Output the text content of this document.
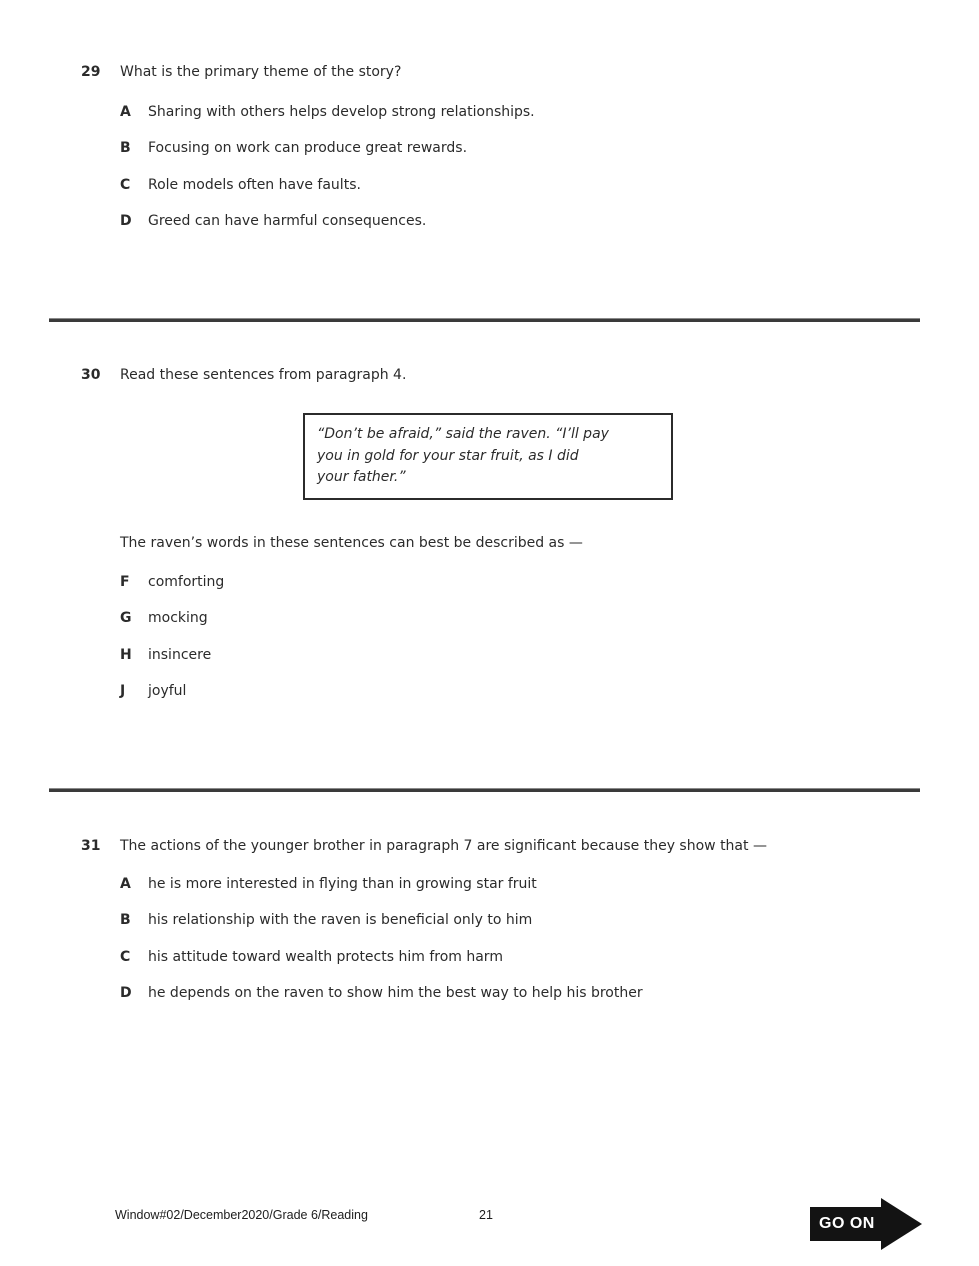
29	What is the primary theme of the story?
A	Sharing with others helps develop strong relationships.
B	Focusing on work can produce great rewards.
C	Role models often have faults.
D	Greed can have harmful consequences.
30	Read these sentences from paragraph 4.
“Don’t be afraid,” said the raven. “I’ll pay
you in gold for your star fruit, as I did
your father.”
The raven’s words in these sentences can best be described as —
F	comforting
G	mocking
H	insincere
J	joyful
31	The actions of the younger brother in paragraph 7 are significant because they show that —
A	he is more interested in flying than in growing star fruit
B	his relationship with the raven is beneficial only to him
C	his attitude toward wealth protects him from harm
D	he depends on the raven to show him the best way to help his brother
Window#02/December2020/Grade 6/Reading	21	GO ON
